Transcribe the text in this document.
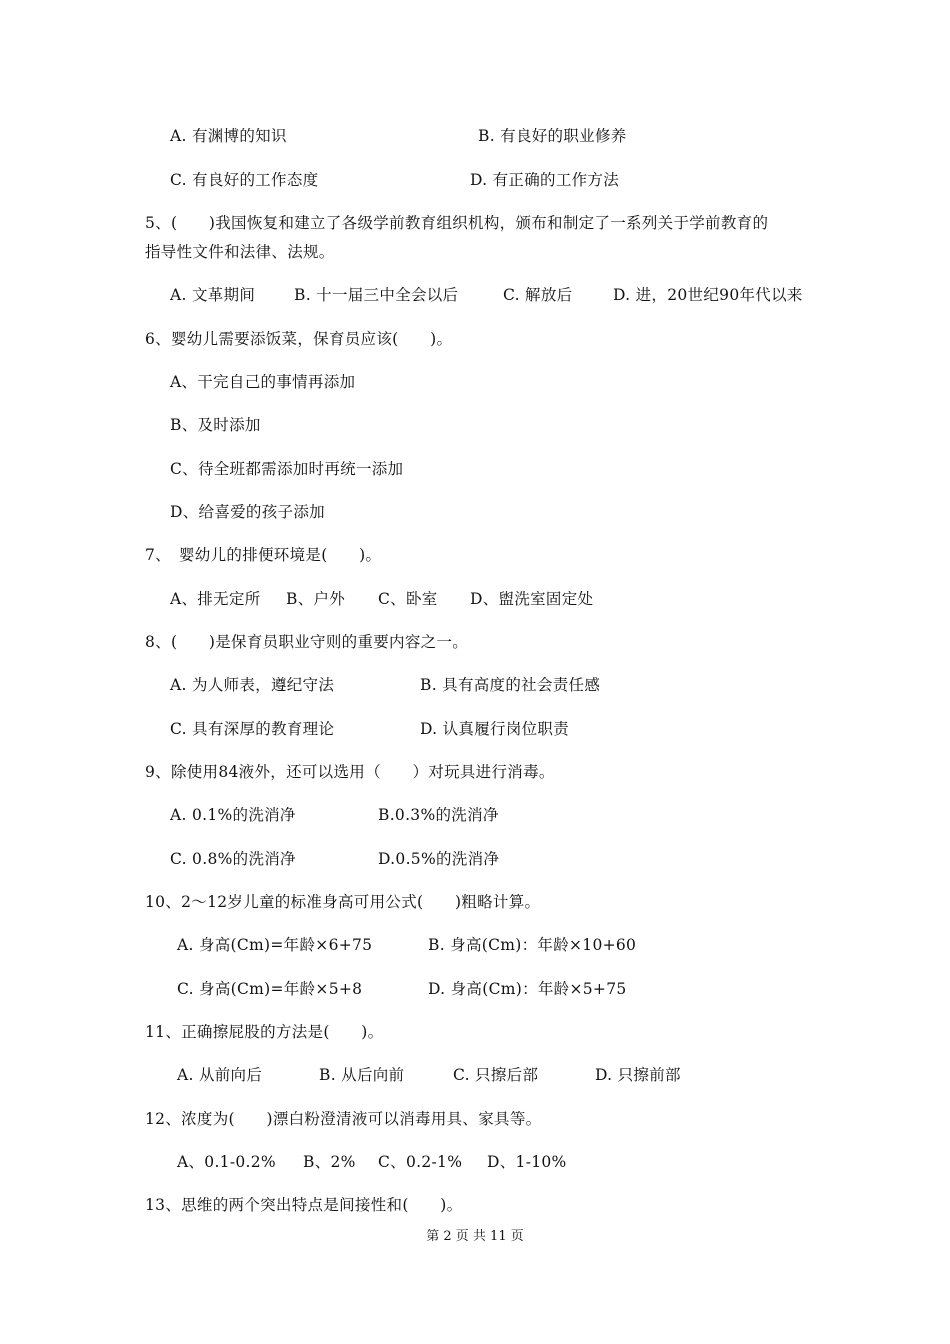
A. 有渊博的知识	B. 有良好的职业修养
C. 有良好的工作态度	D. 有正确的工作方法
5、(　　)我国恢复和建立了各级学前教育组织机构，颁布和制定了一系列关于学前教育的
指导性文件和法律、法规。
A. 文革期间	B. 十一届三中全会以后	C. 解放后	D. 进，20世纪90年代以来
6、婴幼儿需要添饭菜，保育员应该(　　)。
A、干完自己的事情再添加
B、及时添加
C、待全班都需添加时再统一添加
D、给喜爱的孩子添加
7、　婴幼儿的排便环境是(　　)。
A、排无定所 B、户外 C、卧室 D、盥洗室固定处
8、(　　)是保育员职业守则的重要内容之一。
A. 为人师表，遵纪守法	B. 具有高度的社会责任感
C. 具有深厚的教育理论	D. 认真履行岗位职责
9、除使用84液外，还可以选用（　　）对玩具进行消毒。
A. 0.1%的洗消净	B.0.3%的洗消净
C. 0.8%的洗消净	D.0.5%的洗消净
10、2～12岁儿童的标准身高可用公式(　　)粗略计算。
A. 身高(Cm)=年龄×6+75	B. 身高(Cm)：年龄×10+60
C. 身高(Cm)=年龄×5+8	D. 身高(Cm)：年龄×5+75
11、正确擦屁股的方法是(　　)。
A. 从前向后	B. 从后向前	C. 只擦后部	D. 只擦前部
12、浓度为(　　)漂白粉澄清液可以消毒用具、家具等。
A、0.1-0.2% B、2% C、0.2-1% D、1-10%
13、思维的两个突出特点是间接性和(　　)。
第 2 页 共 11 页
